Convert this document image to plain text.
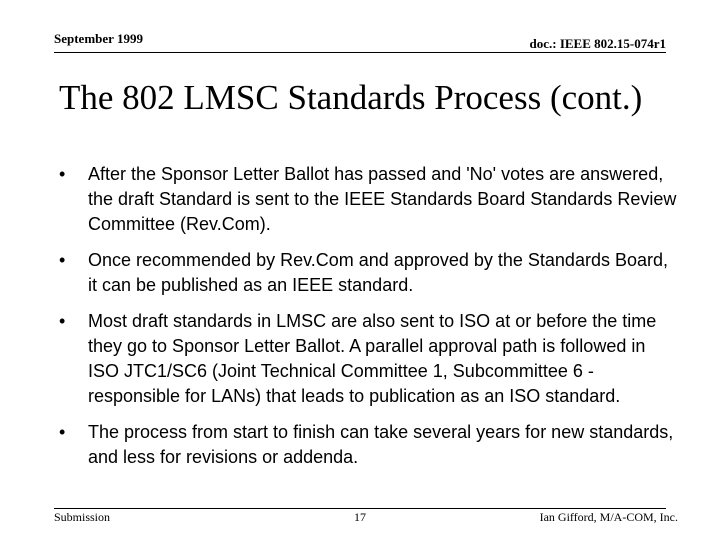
September 1999	doc.: IEEE 802.15-074r1
The 802 LMSC Standards Process (cont.)
• After the Sponsor Letter Ballot has passed and 'No' votes are answered, the draft Standard is sent to the IEEE Standards Board Standards Review Committee (Rev.Com).
• Once recommended by Rev.Com and approved by the Standards Board, it can be published as an IEEE standard.
• Most draft standards in LMSC are also sent to ISO at or before the time they go to Sponsor Letter Ballot. A parallel approval path is followed in ISO JTC1/SC6 (Joint Technical Committee 1, Subcommittee 6 - responsible for LANs) that leads to publication as an ISO standard.
• The process from start to finish can take several years for new standards, and less for revisions or addenda.
Submission	17	Ian Gifford, M/A-COM, Inc.
